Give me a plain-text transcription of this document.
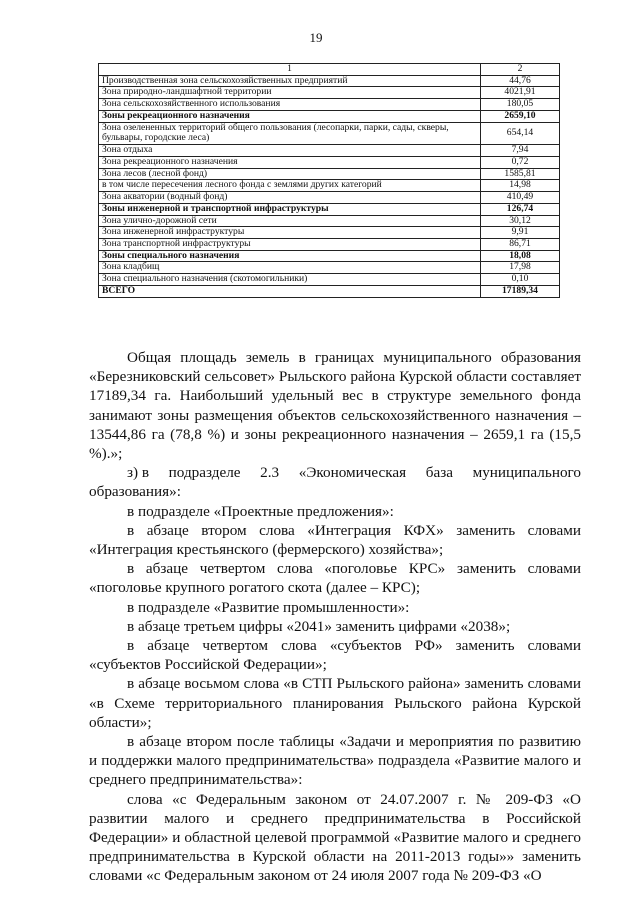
19
1	2
Производственная зона сельскохозяйственных предприятий	44,76
Зона природно-ландшафтной территории	4021,91
Зона сельскохозяйственного использования	180,05
Зоны рекреационного назначения	2659,10
Зона озелененных территорий общего пользования (лесопарки, парки, сады, скверы, бульвары, городские леса)	654,14
Зона отдыха	7,94
Зона рекреационного назначения	0,72
Зона лесов (лесной фонд)	1585,81
в том числе пересечения лесного фонда с землями других категорий	14,98
Зона акватории (водный фонд)	410,49
Зоны инженерной и транспортной инфраструктуры	126,74
Зона улично-дорожной сети	30,12
Зона инженерной инфраструктуры	9,91
Зона транспортной инфраструктуры	86,71
Зоны специального назначения	18,08
Зона кладбищ	17,98
Зона специального назначения (скотомогильники)	0,10
ВСЕГО	17189,34

Общая площадь земель в границах муниципального образования «Березниковский сельсовет» Рыльского района Курской области составляет 17189,34 га. Наибольший удельный вес в структуре земельного фонда занимают зоны размещения объектов сельскохозяйственного назначения – 13544,86 га (78,8 %) и зоны рекреационного назначения – 2659,1 га (15,5 %).»;

з) в подразделе 2.3 «Экономическая база муниципального

образования»:

в подразделе «Проектные предложения»:

в абзаце втором слова «Интеграция КФХ» заменить словами «Интеграция крестьянского (фермерского) хозяйства»;

в абзаце четвертом слова «поголовье КРС» заменить словами «поголовье крупного рогатого скота (далее – КРС);

в подразделе «Развитие промышленности»:

в абзаце третьем цифры «2041» заменить цифрами «2038»;

в абзаце четвертом слова «субъектов РФ» заменить словами «субъектов Российской Федерации»;

в абзаце восьмом слова «в СТП Рыльского района» заменить словами «в Схеме территориального планирования Рыльского района Курской области»;

в абзаце втором после таблицы «Задачи и мероприятия по развитию и поддержки малого предпринимательства» подраздела «Развитие малого и среднего предпринимательства»:

слова «с Федеральным законом от 24.07.2007 г. № 209-ФЗ «О развитии малого и среднего предпринимательства в Российской Федерации» и областной целевой программой «Развитие малого и среднего предпринимательства в Курской области на 2011-2013 годы»» заменить словами «с Федеральным законом от 24 июля 2007 года № 209-ФЗ «О
